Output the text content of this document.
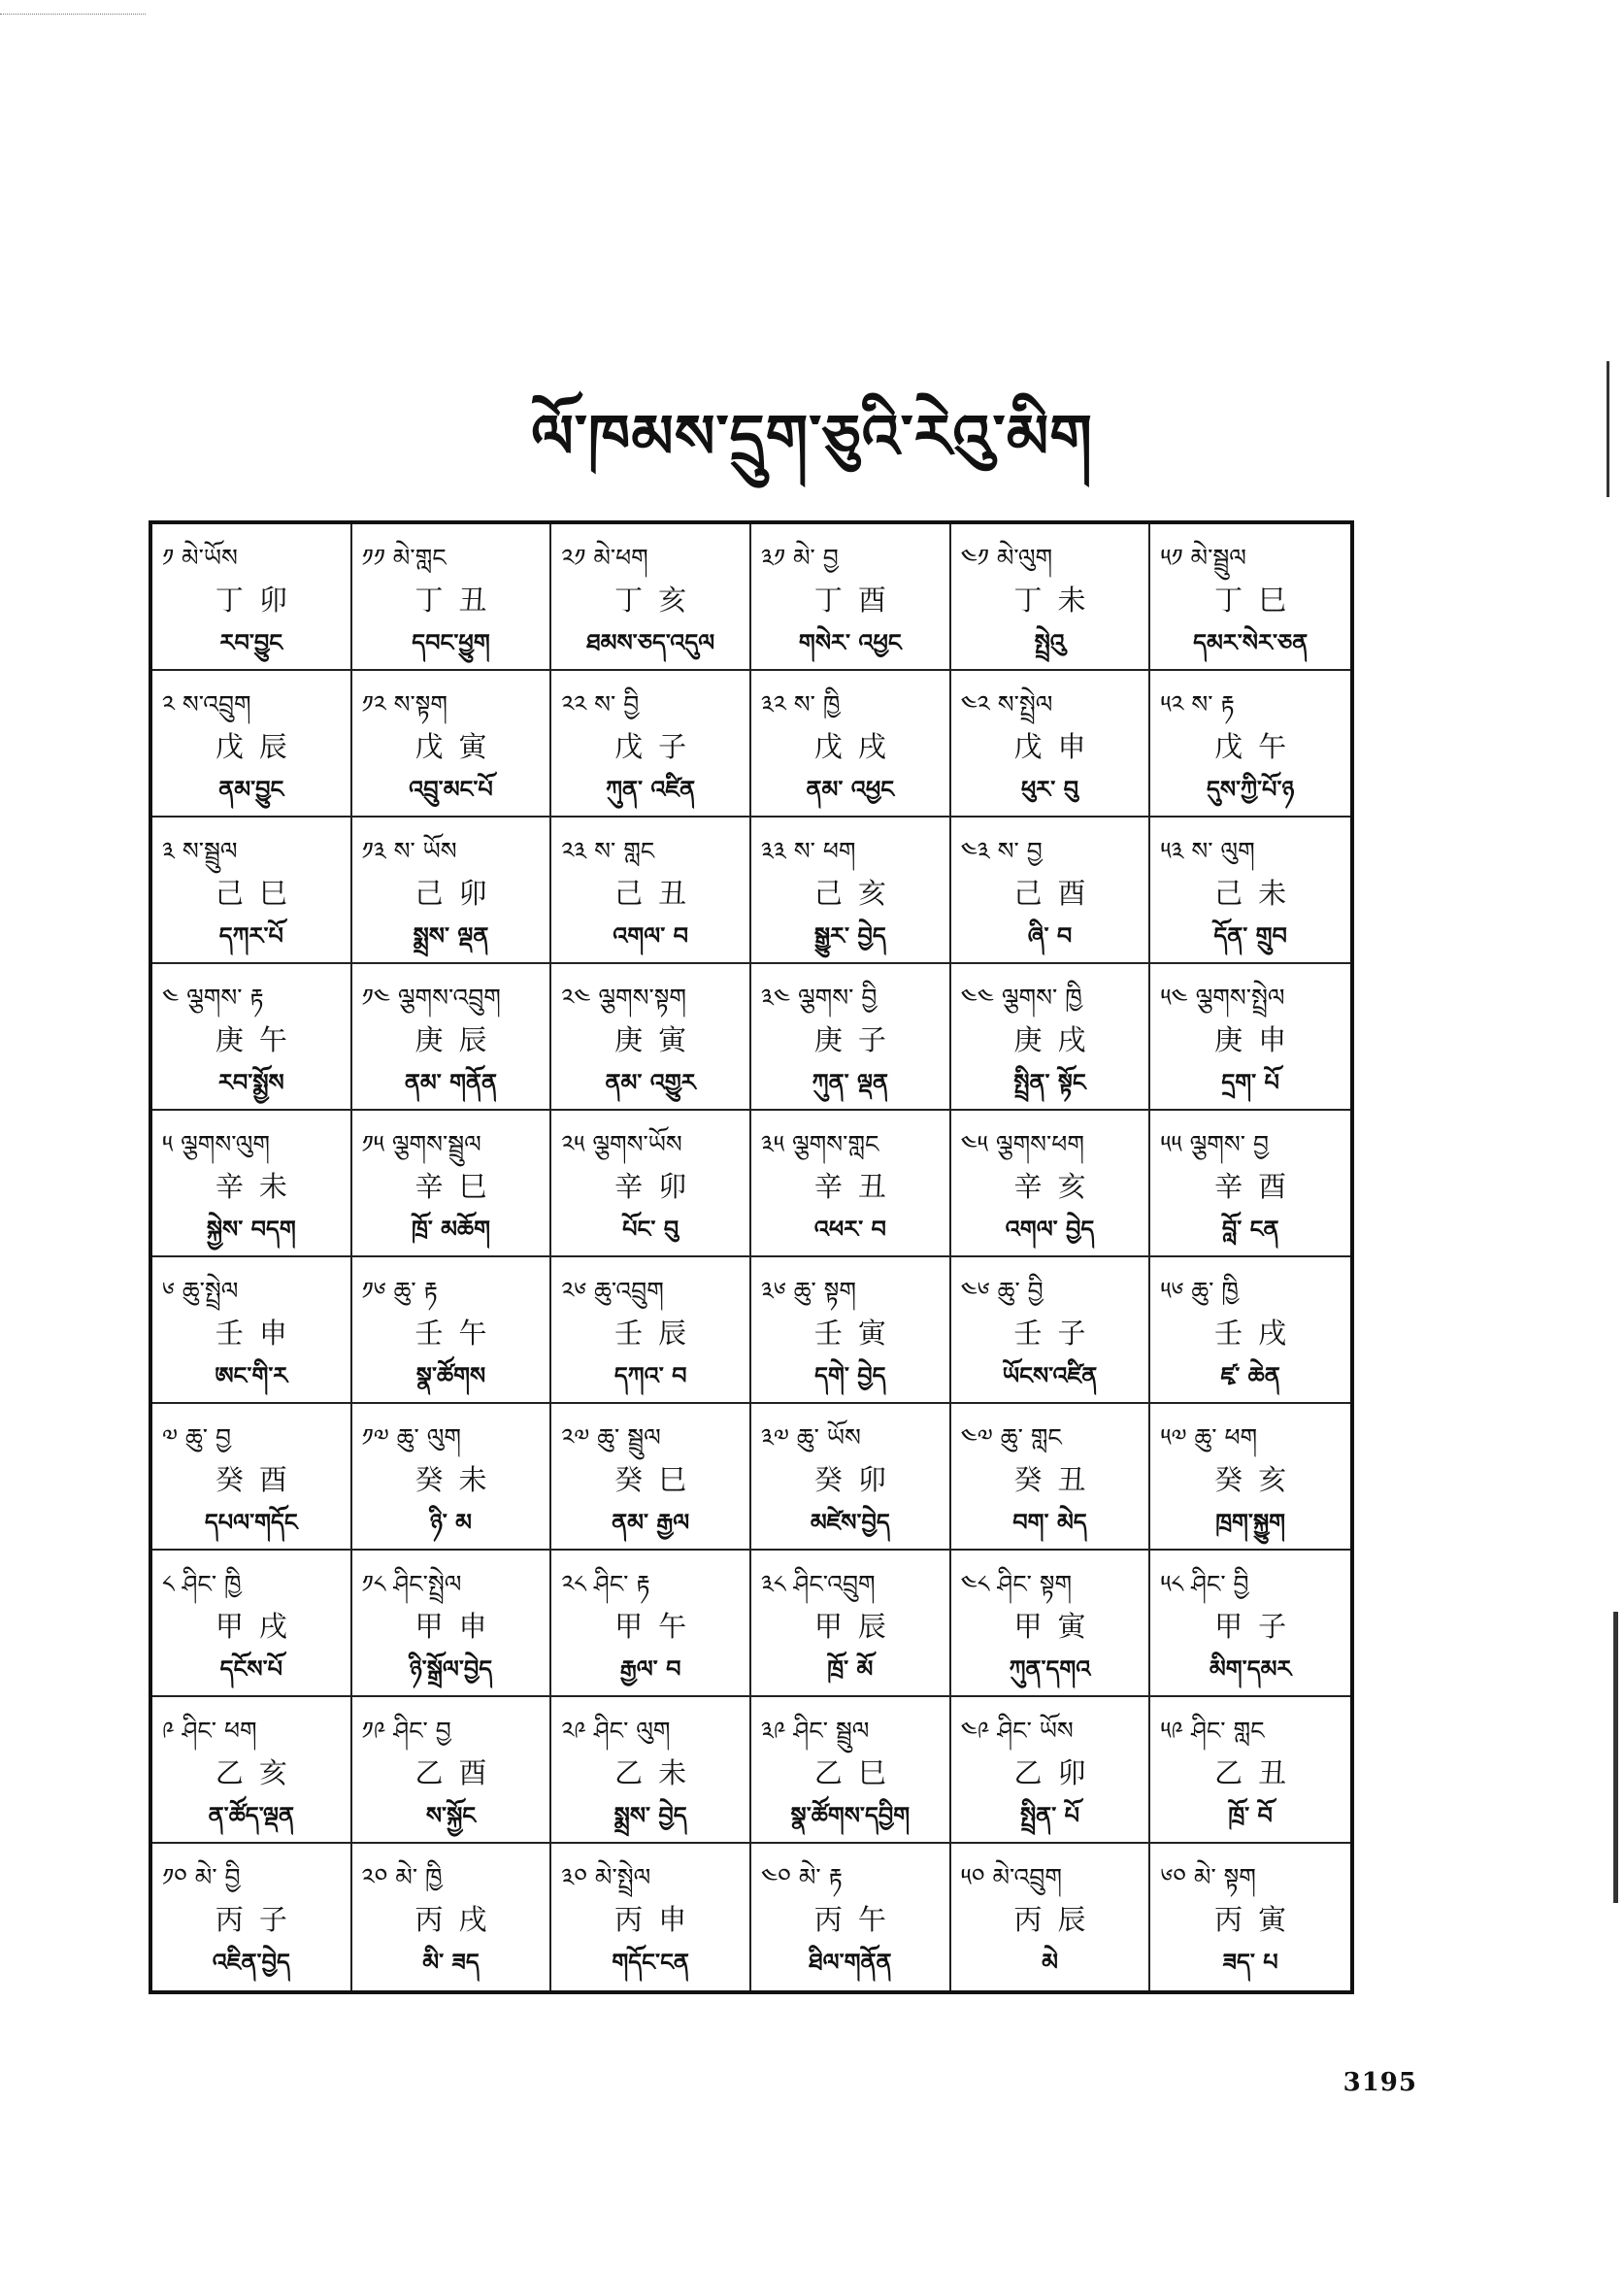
ལོ་ཁམས་དྲུག་ཅུའི་རེའུ་མིག
༡ མེ་ཡོས
丁卯
རབ་བྱུང
༡༡ མེ་གླང
丁丑
དབང་ཕྱུག
༢༡ མེ་ཕག
丁亥
ཐམས་ཅད་འདུལ
༣༡ མེ་ བྱ
丁酉
གསེར་ འཕྱང
༤༡ མེ་ལུག
丁未
སྤྲེའུ
༥༡ མེ་སྦྲུལ
丁巳
དམར་སེར་ཅན
༢ ས་འབྲུག
戊辰
ནམ་བྱུང
༡༢ ས་སྟག
戊寅
འབྲུ་མང་པོ
༢༢ ས་ བྱི
戊子
ཀུན་ འཛིན
༣༢ ས་ ཁྱི
戊戌
ནམ་ འཕྱང
༤༢ ས་སྤྲེལ
戊申
ཕུར་ བུ
༥༢ ས་ རྟ
戊午
དུས་ཀྱི་པོ་ཉ
༣ ས་སྦྲུལ
己巳
དཀར་པོ
༡༣ ས་ ཡོས
己卯
སྨྲས་ ལྡན
༢༣ ས་ གླང
己丑
འགལ་ བ
༣༣ ས་ ཕག
己亥
སྒྱུར་ བྱེད
༤༣ ས་ བྱ
己酉
ཞི་ བ
༥༣ ས་ ལུག
己未
དོན་ གྲུབ
༤ ལྕགས་ རྟ
庚午
རབ་སྨྱོས
༡༤ ལྕགས་འབྲུག
庚辰
ནམ་ གནོན
༢༤ ལྕགས་སྟག
庚寅
ནམ་ འགྱུར
༣༤ ལྕགས་ བྱི
庚子
ཀུན་ ལྡན
༤༤ ལྕགས་ ཁྱི
庚戌
སྤྲིན་ སྟོང
༥༤ ལྕགས་སྤྲེལ
庚申
དྲག་ པོ
༥ ལྕགས་ལུག
辛未
སྐྱེས་ བདག
༡༥ ལྕགས་སྦྲུལ
辛巳
ཁྲོ་ མཆོག
༢༥ ལྕགས་ཡོས
辛卯
པོང་ བུ
༣༥ ལྕགས་གླང
辛丑
འཕར་ བ
༤༥ ལྕགས་ཕག
辛亥
འགལ་ བྱེད
༥༥ ལྕགས་ བྱ
辛酉
བློ་ ངན
༦ ཆུ་སྤྲེལ
壬申
ཨང་གི་ར
༡༦ ཆུ་ རྟ
壬午
སྣ་ཚོགས
༢༦ ཆུ་འབྲུག
壬辰
དཀའ་ བ
༣༦ ཆུ་ སྟག
壬寅
དགེ་ བྱེད
༤༦ ཆུ་ བྱི
壬子
ཡོངས་འཛིན
༥༦ ཆུ་ ཁྱི
壬戌
ཛྭ་ ཆེན
༧ ཆུ་ བྱ
癸酉
དཔལ་གདོང
༡༧ ཆུ་ ལུག
癸未
ཉི་ མ
༢༧ ཆུ་ སྦྲུལ
癸巳
ནམ་ རྒྱལ
༣༧ ཆུ་ ཡོས
癸卯
མཛེས་བྱེད
༤༧ ཆུ་ གླང
癸丑
བག་ མེད
༥༧ ཆུ་ ཕག
癸亥
ཁྲག་སྐྱུག
༨ ཤིང་ ཁྱི
甲戌
དངོས་པོ
༡༨ ཤིང་སྤྲེལ
甲申
ཉི་སྒྲོལ་བྱེད
༢༨ ཤིང་ རྟ
甲午
རྒྱལ་ བ
༣༨ ཤིང་འབྲུག
甲辰
ཁྲོ་ མོ
༤༨ ཤིང་ སྟག
甲寅
ཀུན་དགའ
༥༨ ཤིང་ བྱི
甲子
མིག་དམར
༩ ཤིང་ ཕག
乙亥
ན་ཚོད་ལྡན
༡༩ ཤིང་ བྱ
乙酉
ས་སྐྱོང
༢༩ ཤིང་ ལུག
乙未
སྨྲས་ བྱེད
༣༩ ཤིང་ སྦྲུལ
乙巳
སྣ་ཚོགས་དབྱིག
༤༩ ཤིང་ ཡོས
乙卯
སྤྲིན་ པོ
༥༩ ཤིང་ གླང
乙丑
ཁྲོ་ བོ
༡༠ མེ་ བྱི
丙子
འཇིན་བྱེད
༢༠ མེ་ ཁྱི
丙戌
མི་ ཟད
༣༠ མེ་སྤྲེལ
丙申
གདོང་ངན
༤༠ མེ་ རྟ
丙午
ཐིལ་གནོན
༥༠ མེ་འབྲུག
丙辰
མེ
༦༠ མེ་ སྟག
丙寅
ཟད་ པ
3195
